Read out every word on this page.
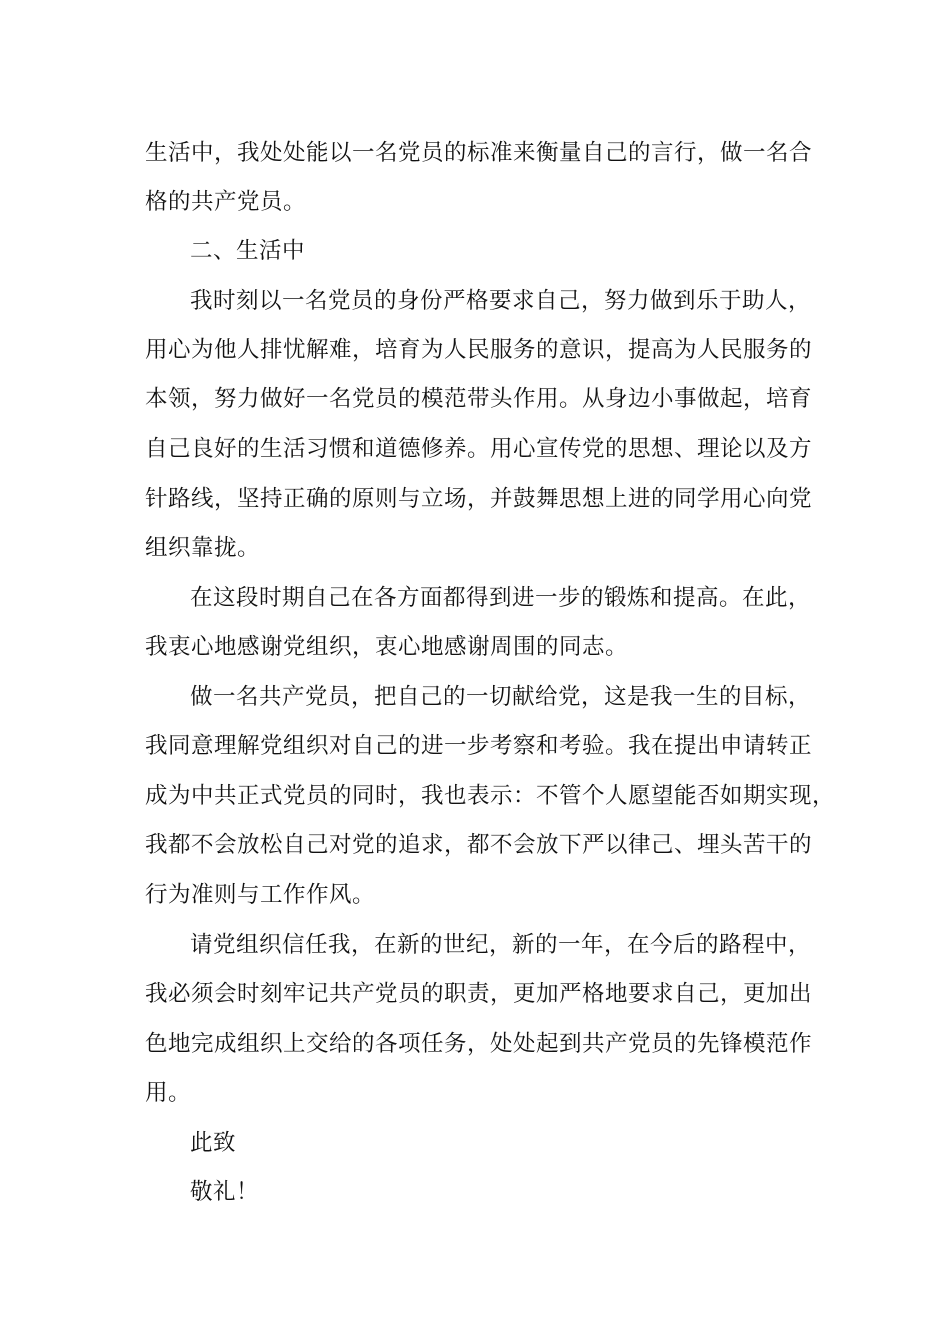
生活中，我处处能以一名党员的标准来衡量自己的言行，做一名合
格的共产党员。
二、生活中
我时刻以一名党员的身份严格要求自己，努力做到乐于助人，
用心为他人排忧解难，培育为人民服务的意识，提高为人民服务的
本领，努力做好一名党员的模范带头作用。从身边小事做起，培育
自己良好的生活习惯和道德修养。用心宣传党的思想、理论以及方
针路线，坚持正确的原则与立场，并鼓舞思想上进的同学用心向党
组织靠拢。
在这段时期自己在各方面都得到进一步的锻炼和提高。在此，
我衷心地感谢党组织，衷心地感谢周围的同志。
做一名共产党员，把自己的一切献给党，这是我一生的目标，
我同意理解党组织对自己的进一步考察和考验。我在提出申请转正
成为中共正式党员的同时，我也表示：不管个人愿望能否如期实现，
我都不会放松自己对党的追求，都不会放下严以律己、埋头苦干的
行为准则与工作作风。
请党组织信任我，在新的世纪，新的一年，在今后的路程中，
我必须会时刻牢记共产党员的职责，更加严格地要求自己，更加出
色地完成组织上交给的各项任务，处处起到共产党员的先锋模范作
用。
此致
敬礼！
